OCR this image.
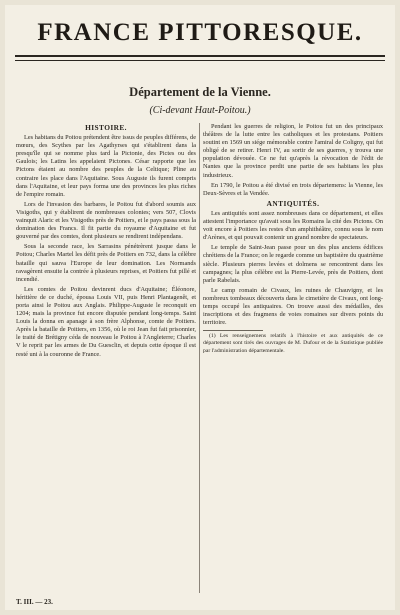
FRANCE PITTORESQUE.
Département de la Vienne.
(Ci-devant Haut-Poitou.)
HISTOIRE.

Les habitans du Poitou prétendent être issus de peuples différens, de mœurs, des Scythes par les Agathyrses qui s'établirent dans la presqu'île qui se nomme plus tard la Pictonie, des Pictes ou des Gaulois; les Latins les appelaient Pictones. César rapporte que les Pictons étaient au nombre des peuples de la Celtique; Pline au contraire les place dans l'Aquitaine. Sous Auguste ils furent compris dans l'Aquitaine, et leur pays forma une des provinces les plus riches de l'empire romain.

Lors de l'invasion des barbares, le Poitou fut d'abord soumis aux Visigoths, qui y établirent de nombreuses colonies; vers 507, Clovis vainquit Alaric et les Visigoths près de Poitiers, et le pays passa sous la domination des Francs. Il fit partie du royaume d'Aquitaine et fut gouverné par des comtes, dont plusieurs se rendirent indépendans.

Sous la seconde race, les Sarrasins pénétrèrent jusque dans le Poitou; Charles Martel les défit près de Poitiers en 732, dans la célèbre bataille qui sauva l'Europe de leur domination. Les Normands ravagèrent ensuite la contrée à plusieurs reprises, et Poitiers fut pillé et incendié.

Les comtes de Poitou devinrent ducs d'Aquitaine; Éléonore, héritière de ce duché, épousa Louis VII, puis Henri Plantagenêt, et porta ainsi le Poitou aux Anglais. Philippe-Auguste le reconquit en 1204; mais la province fut encore disputée pendant long-temps. Saint Louis la donna en apanage à son frère Alphonse, comte de Poitiers. Après la bataille de Poitiers, en 1356, où le roi Jean fut fait prisonnier, le traité de Brétigny céda de nouveau le Poitou à l'Angleterre; Charles V le reprit par les armes de Du Guesclin, et depuis cette époque il est resté uni à la couronne de France.

Pendant les guerres de religion, le Poitou fut un des principaux théâtres de la lutte entre les catholiques et les protestans. Poitiers soutint en 1569 un siége mémorable contre l'amiral de Coligny, qui fut obligé de se retirer. Henri IV, au sortir de ses guerres, y trouva une population dévouée. Ce ne fut qu'après la révocation de l'édit de Nantes que la province perdit une partie de ses habitans les plus industrieux.

En 1790, le Poitou a été divisé en trois départemens: la Vienne, les Deux-Sèvres et la Vendée.

ANTIQUITÉS.

Les antiquités sont assez nombreuses dans ce département, et elles attestent l'importance qu'avait sous les Romains la cité des Pictons. On voit encore à Poitiers les restes d'un amphithéâtre, connu sous le nom d'Arènes, et qui pouvait contenir un grand nombre de spectateurs.

Le temple de Saint-Jean passe pour un des plus anciens édifices chrétiens de la France; on le regarde comme un baptistère du quatrième siècle. Plusieurs pierres levées et dolmens se rencontrent dans les campagnes; la plus célèbre est la Pierre-Levée, près de Poitiers, dont parle Rabelais.

Le camp romain de Civaux, les ruines de Chauvigny, et les nombreux tombeaux découverts dans le cimetière de Civaux, ont long-temps occupé les antiquaires. On trouve aussi des médailles, des inscriptions et des fragmens de voies romaines sur divers points du territoire.

(1) Les renseignemens relatifs à l'histoire et aux antiquités de ce département sont tirés des ouvrages de M. Dufour et de la Statistique publiée par l'administration départementale.

T. III. — 23.
